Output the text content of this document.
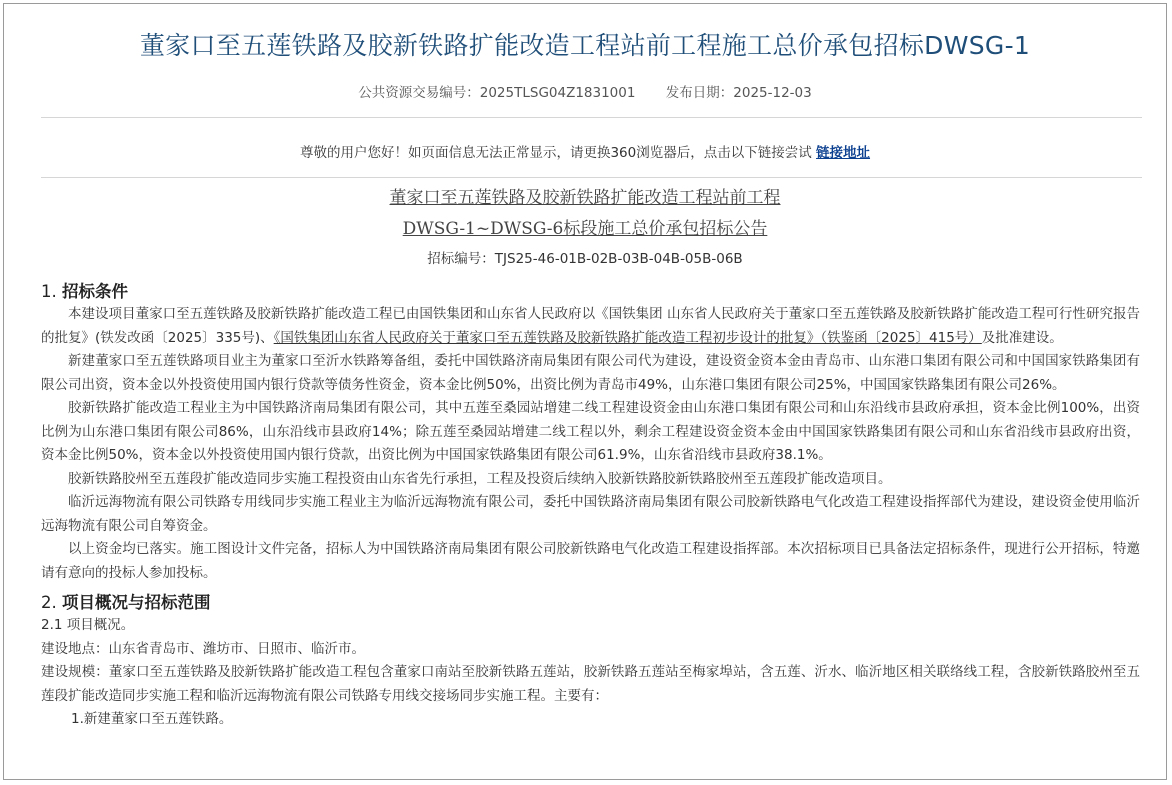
董家口至五莲铁路及胶新铁路扩能改造工程站前工程施工总价承包招标DWSG-1
公共资源交易编号：2025TLSG04Z1831001 发布日期：2025-12-03
尊敬的用户您好！如页面信息无法正常显示，请更换360浏览器后，点击以下链接尝试 链接地址
董家口至五莲铁路及胶新铁路扩能改造工程站前工程
DWSG-1~DWSG-6标段施工总价承包招标公告
招标编号：TJS25-46-01B-02B-03B-04B-05B-06B
1. 招标条件

本建设项目董家口至五莲铁路及胶新铁路扩能改造工程已由国铁集团和山东省人民政府以《国铁集团 山东省人民政府关于董家口至五莲铁路及胶新铁路扩能改造工程可行性研究报告的批复》(铁发改函〔2025〕335号)、《国铁集团山东省人民政府关于董家口至五莲铁路及胶新铁路扩能改造工程初步设计的批复》（铁鉴函〔2025〕415号）及批准建设。

新建董家口至五莲铁路项目业主为董家口至沂水铁路筹备组，委托中国铁路济南局集团有限公司代为建设，建设资金资本金由青岛市、山东港口集团有限公司和中国国家铁路集团有限公司出资，资本金以外投资使用国内银行贷款等债务性资金，资本金比例50%，出资比例为青岛市49%，山东港口集团有限公司25%，中国国家铁路集团有限公司26%。

胶新铁路扩能改造工程业主为中国铁路济南局集团有限公司，其中五莲至桑园站增建二线工程建设资金由山东港口集团有限公司和山东沿线市县政府承担，资本金比例100%，出资比例为山东港口集团有限公司86%，山东沿线市县政府14%；除五莲至桑园站增建二线工程以外，剩余工程建设资金资本金由中国国家铁路集团有限公司和山东省沿线市县政府出资，资本金比例50%，资本金以外投资使用国内银行贷款，出资比例为中国国家铁路集团有限公司61.9%，山东省沿线市县政府38.1%。

胶新铁路胶州至五莲段扩能改造同步实施工程投资由山东省先行承担，工程及投资后续纳入胶新铁路胶新铁路胶州至五莲段扩能改造项目。

临沂远海物流有限公司铁路专用线同步实施工程业主为临沂远海物流有限公司，委托中国铁路济南局集团有限公司胶新铁路电气化改造工程建设指挥部代为建设，建设资金使用临沂远海物流有限公司自筹资金。

以上资金均已落实。施工图设计文件完备，招标人为中国铁路济南局集团有限公司胶新铁路电气化改造工程建设指挥部。本次招标项目已具备法定招标条件，现进行公开招标，特邀请有意向的投标人参加投标。

2. 项目概况与招标范围

2.1 项目概况。

建设地点：山东省青岛市、潍坊市、日照市、临沂市。

建设规模：董家口至五莲铁路及胶新铁路扩能改造工程包含董家口南站至胶新铁路五莲站，胶新铁路五莲站至梅家埠站，含五莲、沂水、临沂地区相关联络线工程，含胶新铁路胶州至五莲段扩能改造同步实施工程和临沂远海物流有限公司铁路专用线交接场同步实施工程。主要有：

1.新建董家口至五莲铁路。
